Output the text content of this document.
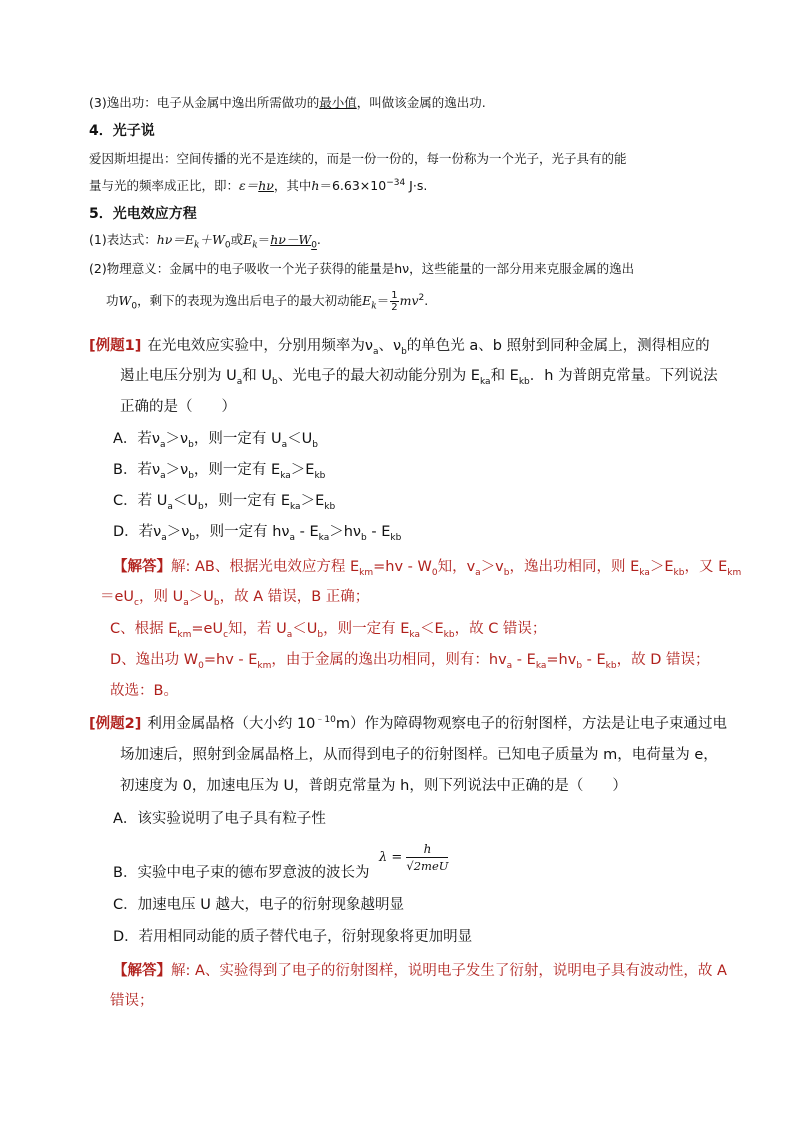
(3)逸出功：电子从金属中逸出所需做功的最小值，叫做该金属的逸出功.
4．光子说
爱因斯坦提出：空间传播的光不是连续的，而是一份一份的，每一份称为一个光子，光子具有的能
量与光的频率成正比，即：ε＝hν，其中$h=6.63\times 10^{-34}$ J·s.
5．光电效应方程
(1)表达式：$h\nu=E_k+W_0$或$E_k=h\nu-W_0$.
(2)物理意义：金属中的电子吸收一个光子获得的能量是hν，这些能量的一部分用来克服金属的逸出
功$W_0$，剩下的表现为逸出后电子的最大初动能$E_k= \frac{1}{2} mv^2$.
[例题1] 在光电效应实验中，分别用频率为$\nu_a$、$\nu_b$的单色光 a、b 照射到同种金属上，测得相应的
遏止电压分别为 $U_a$和 $U_b$、光电子的最大初动能分别为 $E_{ka}$和 $E_{kb}$．h 为普朗克常量。下列说法
正确的是（　　）
A．若$\nu_a>\nu_b$，则一定有 $U_a<U_b$
B．若$\nu_a>\nu_b$，则一定有 $E_{ka}>E_{kb}$
C．若 $U_a<U_b$，则一定有 $E_{ka}>E_{kb}$
D．若$\nu_a>\nu_b$，则一定有 $h\nu_a - E_{ka}>h\nu_b - E_{kb}$
【解答】解: AB、根据光电效应方程 $E_{km}=hv - W_0$知，$v_a>v_b$，逸出功相同，则 $E_{ka}>E_{kb}$，又 $E_{km}$
$=eU_c$，则 $U_a>U_b$，故 A 错误，B 正确；
C、根据 $E_{km}=eU_c$知，若 $U_a<U_b$，则一定有 $E_{ka}<E_{kb}$，故 C 错误；
D、逸出功 $W_0=hv - E_{km}$，由于金属的逸出功相同，则有：$hv_a - E_{ka}=hv_b - E_{kb}$，故 D 错误；
故选：B。
[例题2] 利用金属晶格（大小约 $10^{﹣10}m$）作为障碍物观察电子的衍射图样，方法是让电子束通过电
场加速后，照射到金属晶格上，从而得到电子的衍射图样。已知电子质量为 m，电荷量为 e，
初速度为 0，加速电压为 U，普朗克常量为 h，则下列说法中正确的是（　　）
A．该实验说明了电子具有粒子性
λ =
h
√2meU
B．实验中电子束的德布罗意波的波长为
C．加速电压 U 越大，电子的衍射现象越明显
D．若用相同动能的质子替代电子，衍射现象将更加明显
【解答】解: A、实验得到了电子的衍射图样，说明电子发生了衍射，说明电子具有波动性，故 A
错误；
